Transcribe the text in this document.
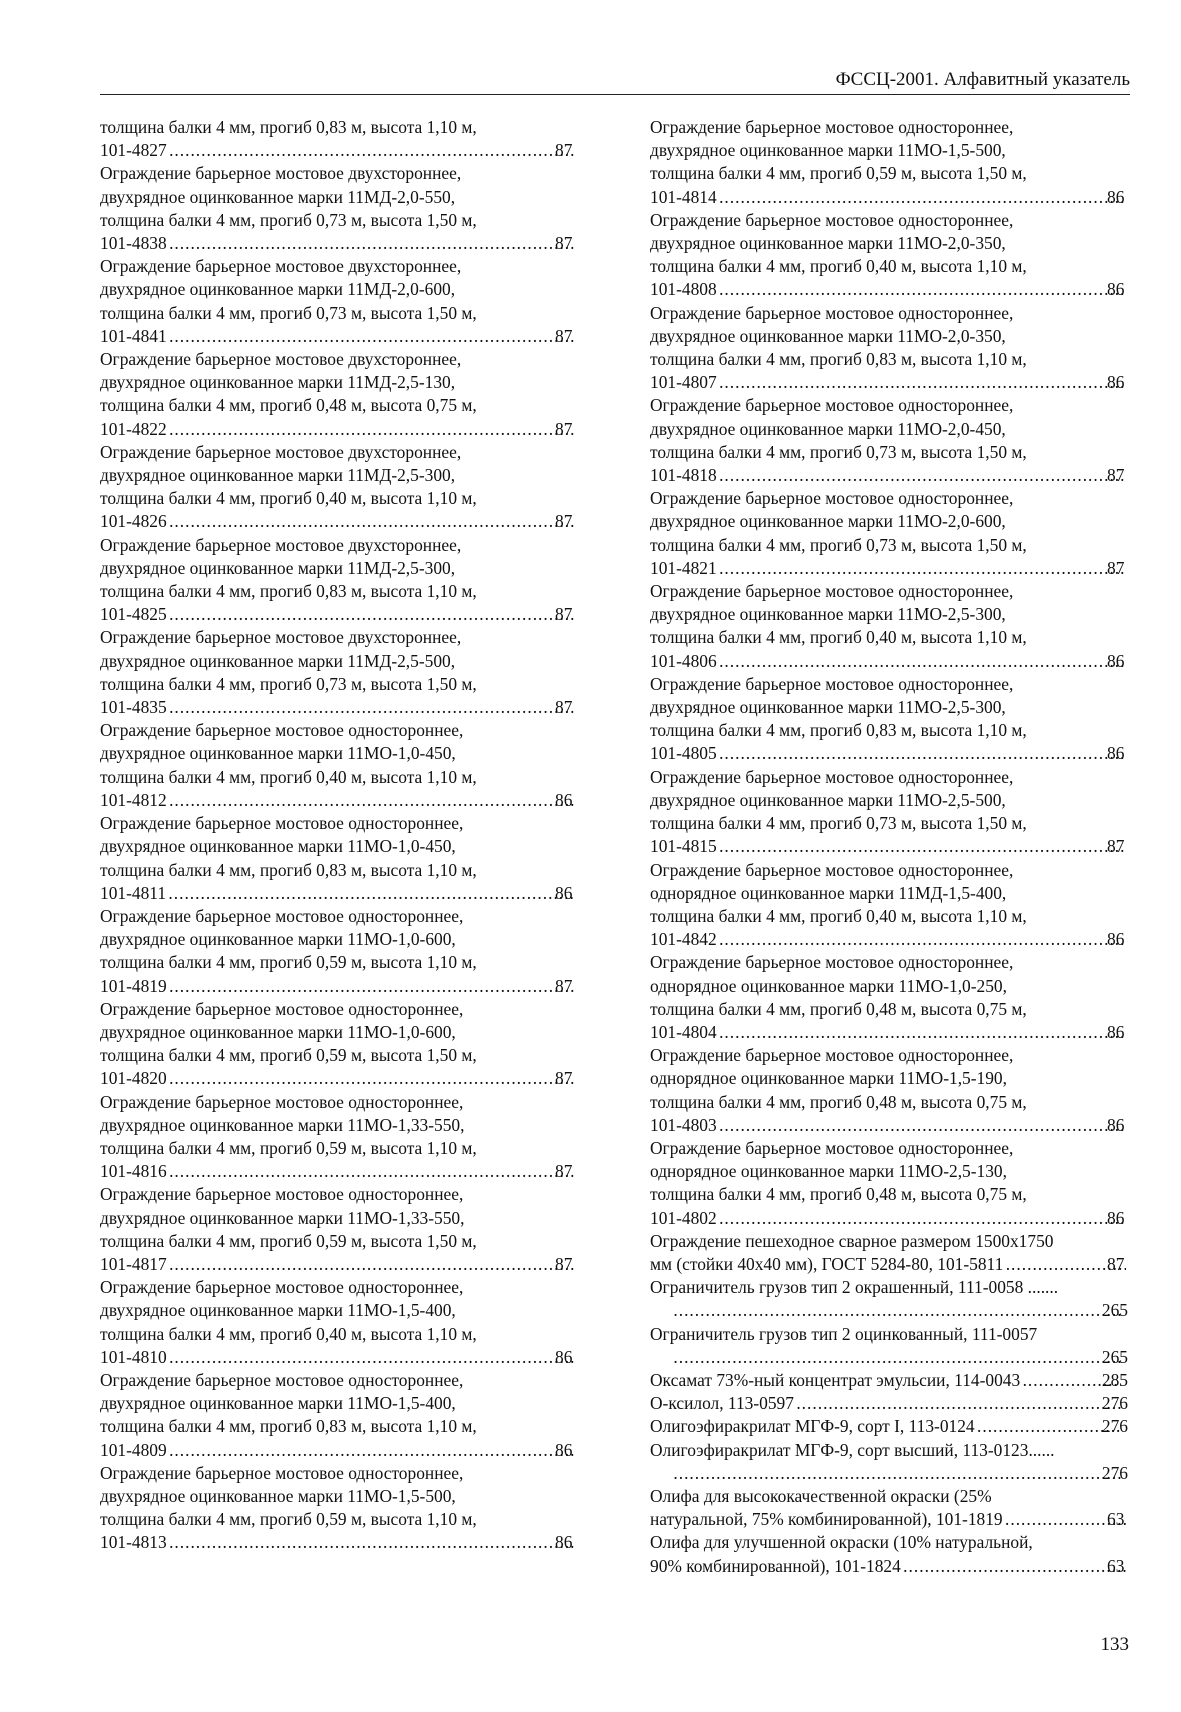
ФССЦ-2001. Алфавитный указатель
толщина балки 4 мм, прогиб 0,83 м, высота 1,10 м,
101-4827 .....	87
Ограждение барьерное мостовое двухстороннее,
двухрядное оцинкованное марки 11МД-2,0-550,
толщина балки 4 мм, прогиб 0,73 м, высота 1,50 м,
101-4838 .....	87
Ограждение барьерное мостовое двухстороннее,
двухрядное оцинкованное марки 11МД-2,0-600,
толщина балки 4 мм, прогиб 0,73 м, высота 1,50 м,
101-4841 .....	87
Ограждение барьерное мостовое двухстороннее,
двухрядное оцинкованное марки 11МД-2,5-130,
толщина балки 4 мм, прогиб 0,48 м, высота 0,75 м,
101-4822 .....	87
Ограждение барьерное мостовое двухстороннее,
двухрядное оцинкованное марки 11МД-2,5-300,
толщина балки 4 мм, прогиб 0,40 м, высота 1,10 м,
101-4826 .....	87
Ограждение барьерное мостовое двухстороннее,
двухрядное оцинкованное марки 11МД-2,5-300,
толщина балки 4 мм, прогиб 0,83 м, высота 1,10 м,
101-4825 .....	87
Ограждение барьерное мостовое двухстороннее,
двухрядное оцинкованное марки 11МД-2,5-500,
толщина балки 4 мм, прогиб 0,73 м, высота 1,50 м,
101-4835 .....	87
Ограждение барьерное мостовое одностороннее,
двухрядное оцинкованное марки 11МО-1,0-450,
толщина балки 4 мм, прогиб 0,40 м, высота 1,10 м,
101-4812 .....	86
Ограждение барьерное мостовое одностороннее,
двухрядное оцинкованное марки 11МО-1,0-450,
толщина балки 4 мм, прогиб 0,83 м, высота 1,10 м,
101-4811 .....	86
Ограждение барьерное мостовое одностороннее,
двухрядное оцинкованное марки 11МО-1,0-600,
толщина балки 4 мм, прогиб 0,59 м, высота 1,10 м,
101-4819 .....	87
Ограждение барьерное мостовое одностороннее,
двухрядное оцинкованное марки 11МО-1,0-600,
толщина балки 4 мм, прогиб 0,59 м, высота 1,50 м,
101-4820 .....	87
Ограждение барьерное мостовое одностороннее,
двухрядное оцинкованное марки 11МО-1,33-550,
толщина балки 4 мм, прогиб 0,59 м, высота 1,10 м,
101-4816 .....	87
Ограждение барьерное мостовое одностороннее,
двухрядное оцинкованное марки 11МО-1,33-550,
толщина балки 4 мм, прогиб 0,59 м, высота 1,50 м,
101-4817 .....	87
Ограждение барьерное мостовое одностороннее,
двухрядное оцинкованное марки 11МО-1,5-400,
толщина балки 4 мм, прогиб 0,40 м, высота 1,10 м,
101-4810 .....	86
Ограждение барьерное мостовое одностороннее,
двухрядное оцинкованное марки 11МО-1,5-400,
толщина балки 4 мм, прогиб 0,83 м, высота 1,10 м,
101-4809 .....	86
Ограждение барьерное мостовое одностороннее,
двухрядное оцинкованное марки 11МО-1,5-500,
толщина балки 4 мм, прогиб 0,59 м, высота 1,10 м,
101-4813 .....	86
Ограждение барьерное мостовое одностороннее,
двухрядное оцинкованное марки 11МО-1,5-500,
толщина балки 4 мм, прогиб 0,59 м, высота 1,50 м,
101-4814 .....	86
Ограждение барьерное мостовое одностороннее,
двухрядное оцинкованное марки 11МО-2,0-350,
толщина балки 4 мм, прогиб 0,40 м, высота 1,10 м,
101-4808 .....	86
Ограждение барьерное мостовое одностороннее,
двухрядное оцинкованное марки 11МО-2,0-350,
толщина балки 4 мм, прогиб 0,83 м, высота 1,10 м,
101-4807 .....	86
Ограждение барьерное мостовое одностороннее,
двухрядное оцинкованное марки 11МО-2,0-450,
толщина балки 4 мм, прогиб 0,73 м, высота 1,50 м,
101-4818 .....	87
Ограждение барьерное мостовое одностороннее,
двухрядное оцинкованное марки 11МО-2,0-600,
толщина балки 4 мм, прогиб 0,73 м, высота 1,50 м,
101-4821 .....	87
Ограждение барьерное мостовое одностороннее,
двухрядное оцинкованное марки 11МО-2,5-300,
толщина балки 4 мм, прогиб 0,40 м, высота 1,10 м,
101-4806 .....	86
Ограждение барьерное мостовое одностороннее,
двухрядное оцинкованное марки 11МО-2,5-300,
толщина балки 4 мм, прогиб 0,83 м, высота 1,10 м,
101-4805 .....	86
Ограждение барьерное мостовое одностороннее,
двухрядное оцинкованное марки 11МО-2,5-500,
толщина балки 4 мм, прогиб 0,73 м, высота 1,50 м,
101-4815 .....	87
Ограждение барьерное мостовое одностороннее,
однорядное оцинкованное марки 11МД-1,5-400,
толщина балки 4 мм, прогиб 0,40 м, высота 1,10 м,
101-4842 .....	86
Ограждение барьерное мостовое одностороннее,
однорядное оцинкованное марки 11МО-1,0-250,
толщина балки 4 мм, прогиб 0,48 м, высота 0,75 м,
101-4804 .....	86
Ограждение барьерное мостовое одностороннее,
однорядное оцинкованное марки 11МО-1,5-190,
толщина балки 4 мм, прогиб 0,48 м, высота 0,75 м,
101-4803 .....	86
Ограждение барьерное мостовое одностороннее,
однорядное оцинкованное марки 11МО-2,5-130,
толщина балки 4 мм, прогиб 0,48 м, высота 0,75 м,
101-4802 .....	86
Ограждение пешеходное сварное размером 1500х1750
мм (стойки 40х40 мм), ГОСТ 5284-80, 101-5811 .....	87
Ограничитель грузов тип 2 окрашенный, 111-0058 .......
.....
265
Ограничитель грузов тип 2 оцинкованный, 111-0057
.....
265
Оксамат 73%-ный концентрат эмульсии, 114-0043 .....	285
О-ксилол, 113-0597 .....	276
Олигоэфиракрилат МГФ-9, сорт I, 113-0124 .....	276
Олигоэфиракрилат МГФ-9, сорт высший, 113-0123......
.....
276
Олифа для высококачественной окраски (25%
натуральной, 75% комбинированной), 101-1819 .....	63
Олифа для улучшенной окраски (10% натуральной,
90% комбинированной), 101-1824 .....	63
133
